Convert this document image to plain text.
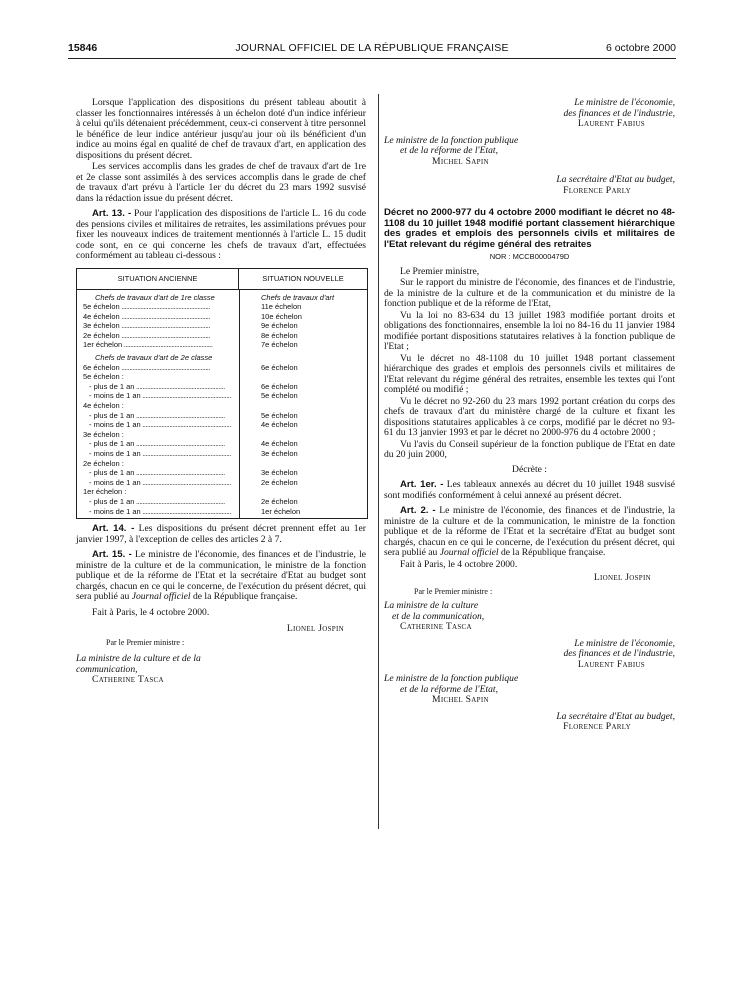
15846	JOURNAL OFFICIEL DE LA RÉPUBLIQUE FRANÇAISE	6 octobre 2000

Lorsque l'application des dispositions du présent tableau aboutit à classer les fonctionnaires intéressés à un échelon doté d'un indice inférieur à celui qu'ils détenaient précédemment, ceux-ci conservent à titre personnel le bénéfice de leur indice antérieur jusqu'au jour où ils bénéficient d'un indice au moins égal en qualité de chef de travaux d'art, en application des dispositions du présent décret.

Les services accomplis dans les grades de chef de travaux d'art de 1re et 2e classe sont assimilés à des services accomplis dans le grade de chef de travaux d'art prévu à l'article 1er du décret du 23 mars 1992 susvisé dans la rédaction issue du présent décret.

Art. 13. - Pour l'application des dispositions de l'article L. 16 du code des pensions civiles et militaires de retraites, les assimilations prévues pour fixer les nouveaux indices de traitement mentionnés à l'article L. 15 dudit code sont, en ce qui concerne les chefs de travaux d'art, effectuées conformément au tableau ci-dessous :

SITUATION ANCIENNE	SITUATION NOUVELLE
Chefs de travaux d'art de 1re classe	Chefs de travaux d'art
5e échelon .....	11e échelon
4e échelon .....	10e échelon
3e échelon .....	9e échelon
2e échelon .....	8e échelon
1er échelon .....	7e échelon
Chefs de travaux d'art de 2e classe
6e échelon .....	6e échelon
5e échelon :
- plus de 1 an .....	6e échelon
- moins de 1 an .....	5e échelon
4e échelon :
- plus de 1 an .....	5e échelon
- moins de 1 an .....	4e échelon
3e échelon :
- plus de 1 an .....	4e échelon
- moins de 1 an .....	3e échelon
2e échelon :
- plus de 1 an .....	3e échelon
- moins de 1 an .....	2e échelon
1er échelon :
- plus de 1 an .....	2e échelon
- moins de 1 an .....	1er échelon

Art. 14. - Les dispositions du présent décret prennent effet au 1er janvier 1997, à l'exception de celles des articles 2 à 7.

Art. 15. - Le ministre de l'économie, des finances et de l'industrie, le ministre de la culture et de la communication, le ministre de la fonction publique et de la réforme de l'Etat et la secrétaire d'Etat au budget sont chargés, chacun en ce qui le concerne, de l'exécution du présent décret, qui sera publié au Journal officiel de la République française.

Fait à Paris, le 4 octobre 2000.

Lionel Jospin

Par le Premier ministre :

La ministre de la culture et de la communication,

Catherine Tasca

Le ministre de l'économie,

des finances et de l'industrie,

Laurent Fabius

Le ministre de la fonction publique

et de la réforme de l'Etat,

Michel Sapin

La secrétaire d'Etat au budget,

Florence Parly

Décret no 2000-977 du 4 octobre 2000 modifiant le décret no 48-1108 du 10 juillet 1948 modifié portant classement hiérarchique des grades et emplois des personnels civils et militaires de l'Etat relevant du régime général des retraites

NOR : MCCB0000479D

Le Premier ministre,

Sur le rapport du ministre de l'économie, des finances et de l'industrie, de la ministre de la culture et de la communication et du ministre de la fonction publique et de la réforme de l'Etat,

Vu la loi no 83-634 du 13 juillet 1983 modifiée portant droits et obligations des fonctionnaires, ensemble la loi no 84-16 du 11 janvier 1984 modifiée portant dispositions statutaires relatives à la fonction publique de l'Etat ;

Vu le décret no 48-1108 du 10 juillet 1948 portant classement hiérarchique des grades et emplois des personnels civils et militaires de l'Etat relevant du régime général des retraites, ensemble les textes qui l'ont complété ou modifié ;

Vu le décret no 92-260 du 23 mars 1992 portant création du corps des chefs de travaux d'art du ministère chargé de la culture et fixant les dispositions statutaires applicables à ce corps, modifié par le décret no 93-61 du 13 janvier 1993 et par le décret no 2000-976 du 4 octobre 2000 ;

Vu l'avis du Conseil supérieur de la fonction publique de l'Etat en date du 20 juin 2000,

Décrète :

Art. 1er. - Les tableaux annexés au décret du 10 juillet 1948 susvisé sont modifiés conformément à celui annexé au présent décret.

Art. 2. - Le ministre de l'économie, des finances et de l'industrie, la ministre de la culture et de la communication, le ministre de la fonction publique et de la réforme de l'Etat et la secrétaire d'Etat au budget sont chargés, chacun en ce qui le concerne, de l'exécution du présent décret, qui sera publié au Journal officiel de la République française.

Fait à Paris, le 4 octobre 2000.

Lionel Jospin

Par le Premier ministre :

La ministre de la culture

et de la communication,

Catherine Tasca

Le ministre de l'économie,

des finances et de l'industrie,

Laurent Fabius

Le ministre de la fonction publique

et de la réforme de l'Etat,

Michel Sapin

La secrétaire d'Etat au budget,

Florence Parly
